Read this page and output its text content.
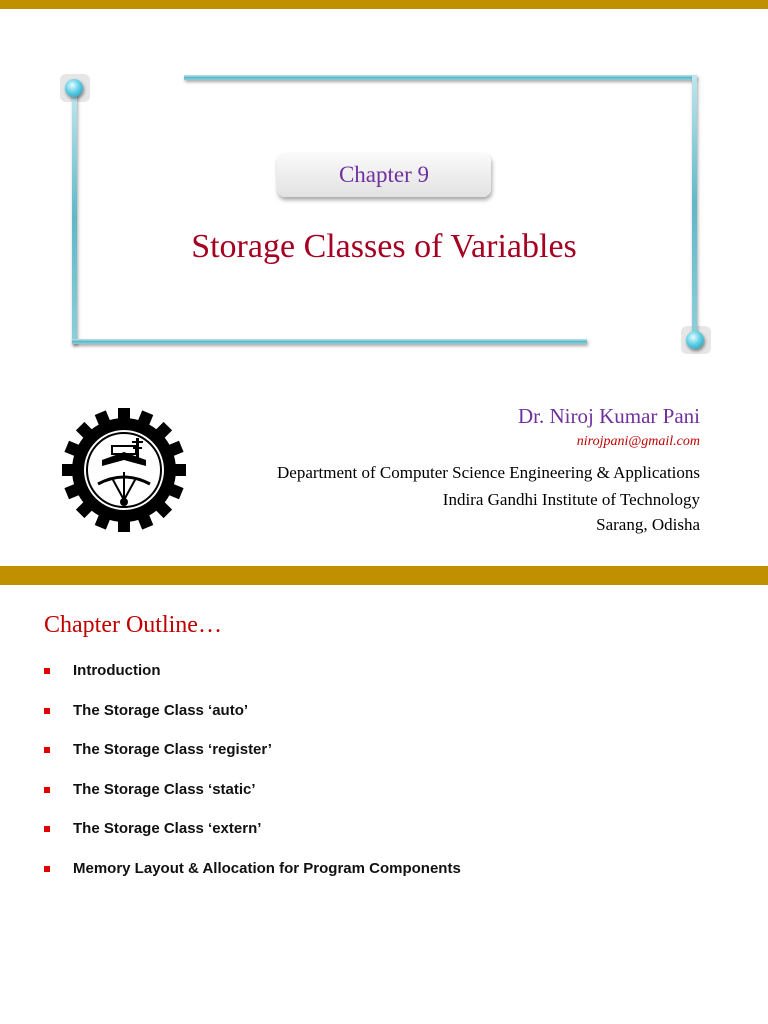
Chapter 9
Storage Classes of Variables
Dr. Niroj Kumar Pani
nirojpani@gmail.com
Department of Computer Science Engineering & Applications
Indira Gandhi Institute of Technology
Sarang, Odisha
Chapter Outline…
Introduction
The Storage Class ‘auto’
The Storage Class ‘register’
The Storage Class ‘static’
The Storage Class ‘extern’
Memory Layout & Allocation for Program Components
